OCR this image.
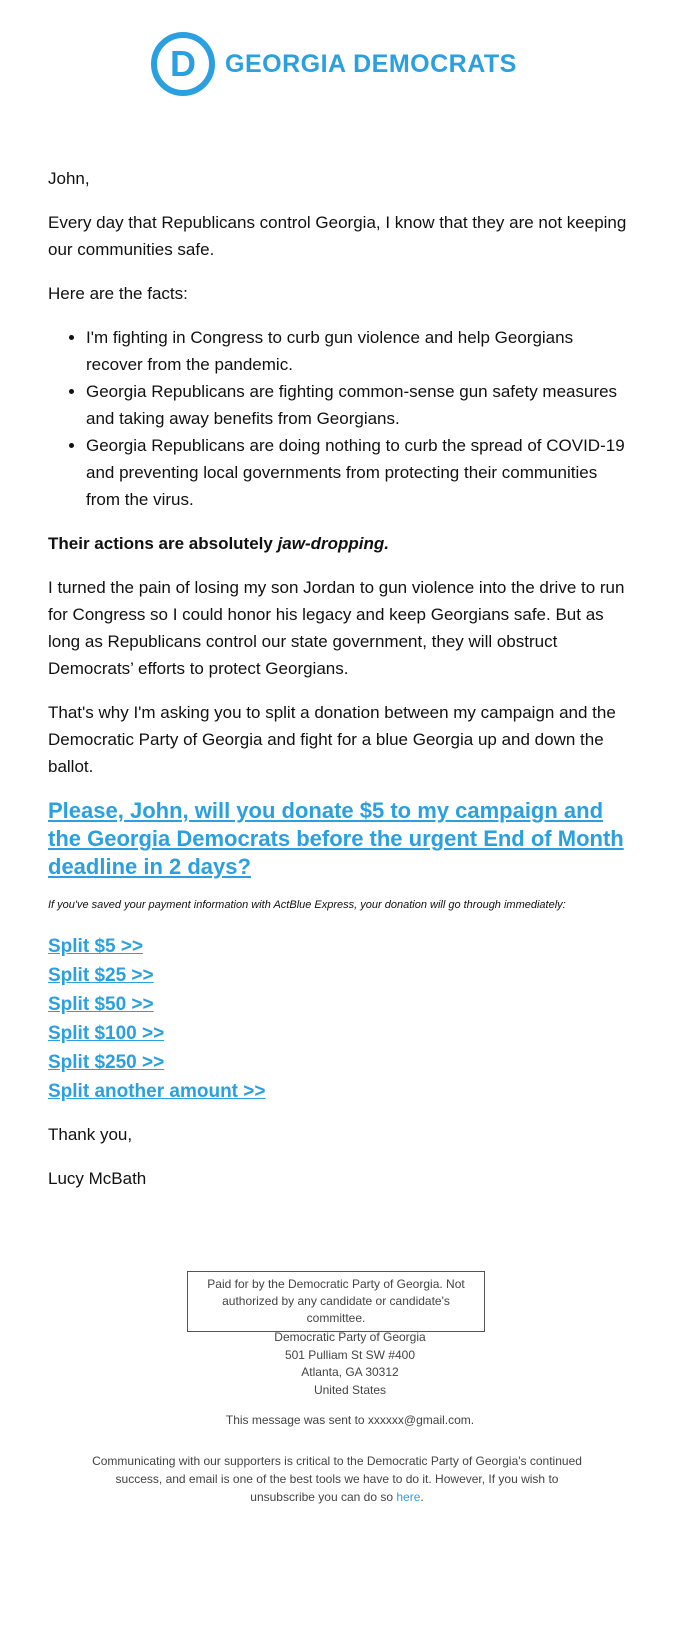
D GEORGIA DEMOCRATS

John,

Every day that Republicans control Georgia, I know that they are not keeping our communities safe.

Here are the facts:

• I'm fighting in Congress to curb gun violence and help Georgians recover from the pandemic.
• Georgia Republicans are fighting common-sense gun safety measures and taking away benefits from Georgians.
• Georgia Republicans are doing nothing to curb the spread of COVID-19 and preventing local governments from protecting their communities from the virus.

Their actions are absolutely jaw-dropping.

I turned the pain of losing my son Jordan to gun violence into the drive to run for Congress so I could honor his legacy and keep Georgians safe. But as long as Republicans control our state government, they will obstruct Democrats’ efforts to protect Georgians.

That's why I'm asking you to split a donation between my campaign and the Democratic Party of Georgia and fight for a blue Georgia up and down the ballot.

Please, John, will you donate $5 to my campaign and the Georgia Democrats before the urgent End of Month deadline in 2 days?

If you've saved your payment information with ActBlue Express, your donation will go through immediately:

Split $5 >>
Split $25 >>
Split $50 >>
Split $100 >>
Split $250 >>
Split another amount >>

Thank you,

Lucy McBath

Paid for by the Democratic Party of Georgia. Not authorized by any candidate or candidate's committee.
Democratic Party of Georgia
501 Pulliam St SW #400
Atlanta, GA 30312
United States
This message was sent to xxxxxx@gmail.com.
Communicating with our supporters is critical to the Democratic Party of Georgia's continued success, and email is one of the best tools we have to do it. However, If you wish to unsubscribe you can do so here.
